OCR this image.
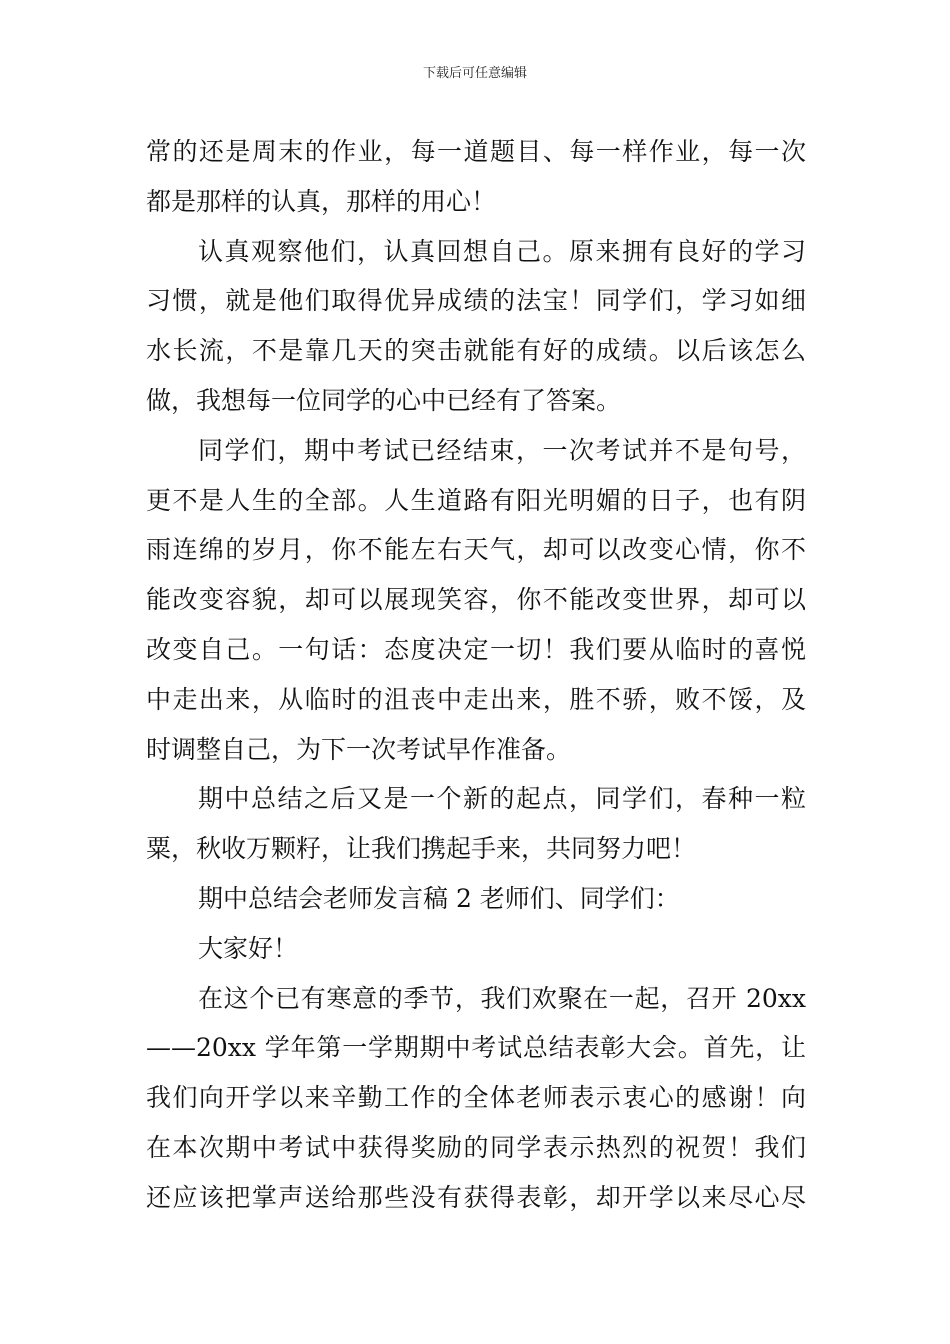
下载后可任意编辑
常的还是周末的作业，每一道题目、每一样作业，每一次
都是那样的认真，那样的用心！
认真观察他们，认真回想自己。原来拥有良好的学习
习惯，就是他们取得优异成绩的法宝！同学们，学习如细
水长流，不是靠几天的突击就能有好的成绩。以后该怎么
做，我想每一位同学的心中已经有了答案。
同学们，期中考试已经结束，一次考试并不是句号，
更不是人生的全部。人生道路有阳光明媚的日子，也有阴
雨连绵的岁月，你不能左右天气，却可以改变心情，你不
能改变容貌，却可以展现笑容，你不能改变世界，却可以
改变自己。一句话：态度决定一切！我们要从临时的喜悦
中走出来，从临时的沮丧中走出来，胜不骄，败不馁，及
时调整自己，为下一次考试早作准备。
期中总结之后又是一个新的起点，同学们，春种一粒
粟，秋收万颗籽，让我们携起手来，共同努力吧！
期中总结会老师发言稿 2 老师们、同学们：
大家好！
在这个已有寒意的季节，我们欢聚在一起，召开 20xx
——20xx 学年第一学期期中考试总结表彰大会。首先，让
我们向开学以来辛勤工作的全体老师表示衷心的感谢！向
在本次期中考试中获得奖励的同学表示热烈的祝贺！我们
还应该把掌声送给那些没有获得表彰，却开学以来尽心尽
